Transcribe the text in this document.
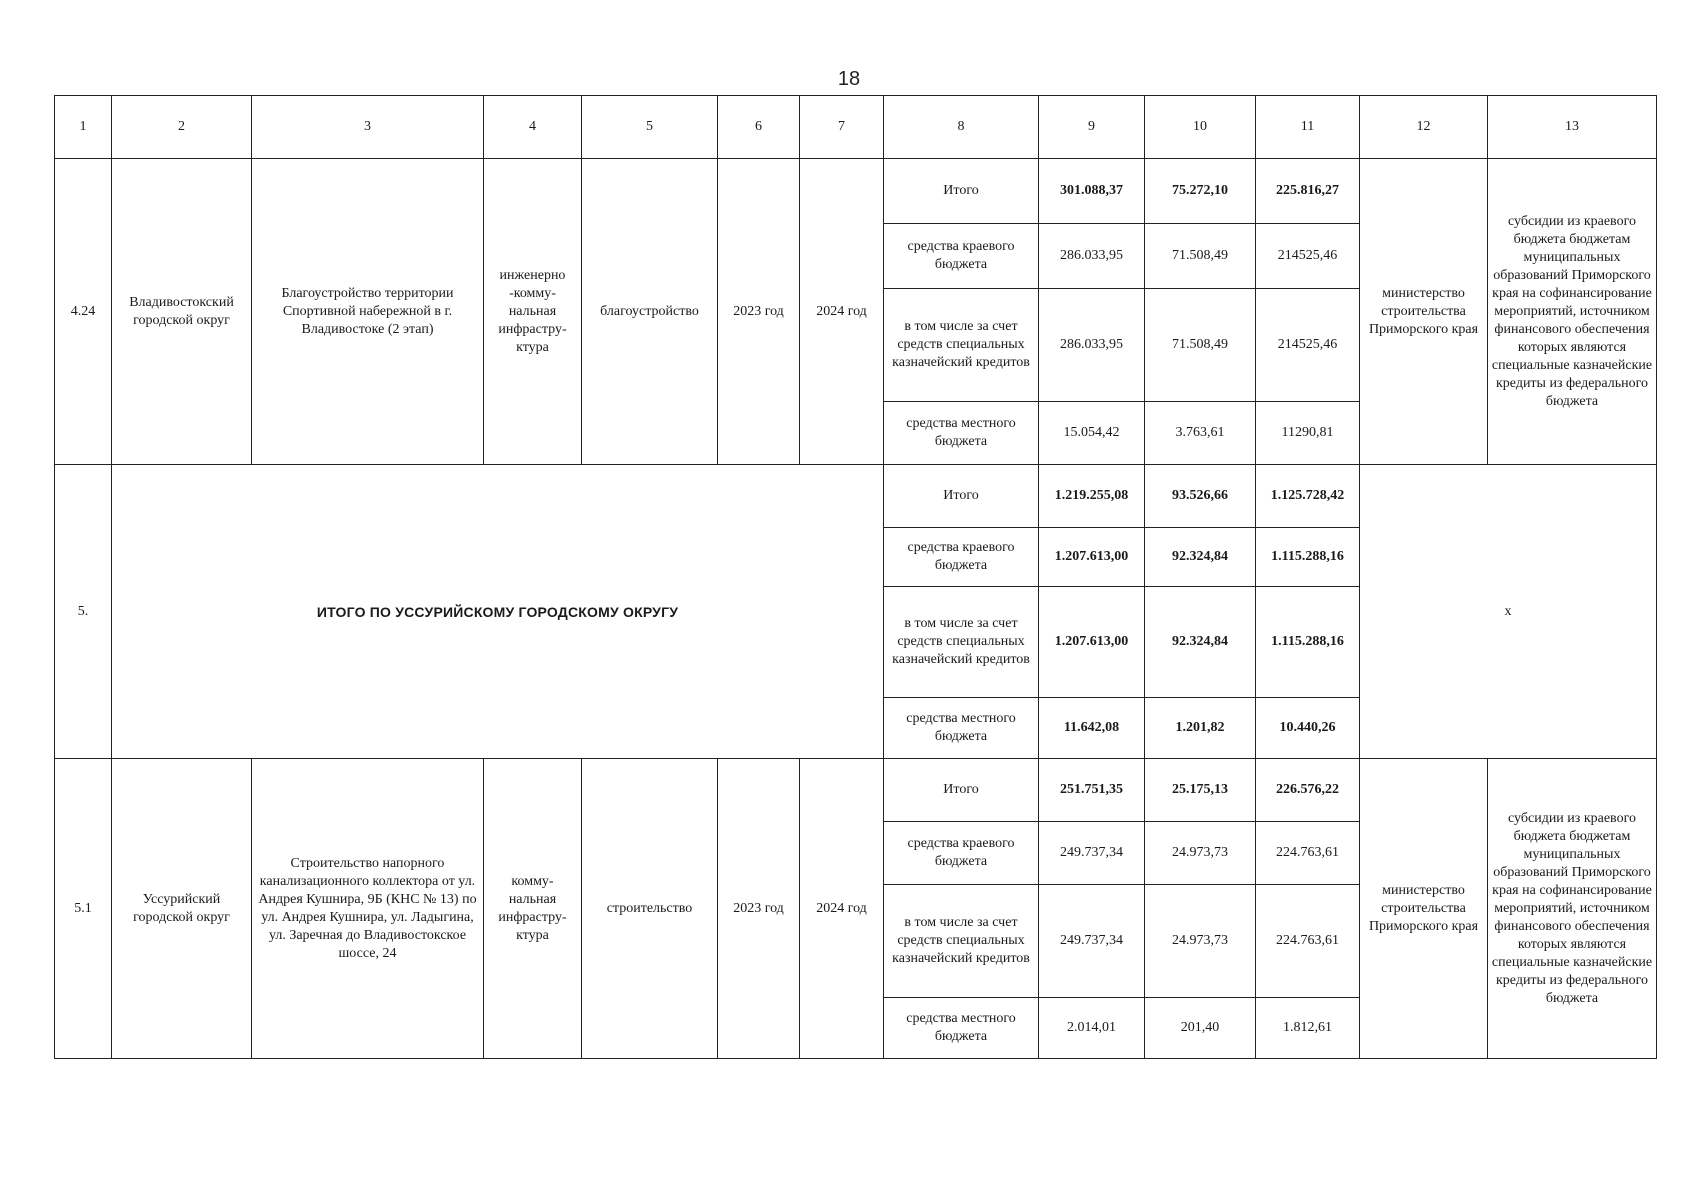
18
1	2	3	4	5	6	7	8	9	10	11	12	13
4.24	Владивостокский городской округ	Благоустройство территории Спортивной набережной в г. Владивостоке (2 этап)	инженерно -комму- нальная инфрастру- ктура	благоустройство	2023 год	2024 год	Итого	301.088,37	75.272,10	225.816,27	министерство строительства Приморского края	субсидии из краевого бюджета бюджетам муниципальных образований Приморского края на софинансирование мероприятий, источником финансового обеспечения которых являются специальные казначейские кредиты из федерального бюджета
							средства краевого бюджета	286.033,95	71.508,49	214525,46		
							в том числе за счет средств специальных казначейский кредитов	286.033,95	71.508,49	214525,46		
							средства местного бюджета	15.054,42	3.763,61	11290,81		
5.	ИТОГО ПО УССУРИЙСКОМУ ГОРОДСКОМУ ОКРУГУ						Итого	1.219.255,08	93.526,66	1.125.728,42	х	
							средства краевого бюджета	1.207.613,00	92.324,84	1.115.288,16		
							в том числе за счет средств специальных казначейский кредитов	1.207.613,00	92.324,84	1.115.288,16		
							средства местного бюджета	11.642,08	1.201,82	10.440,26		
5.1	Уссурийский городской округ	Строительство напорного канализационного коллектора от ул. Андрея Кушнира, 9Б (КНС № 13) по ул. Андрея Кушнира, ул. Ладыгина, ул. Заречная до Владивостокское шоссе, 24	комму- нальная инфрастру- ктура	строительство	2023 год	2024 год	Итого	251.751,35	25.175,13	226.576,22	министерство строительства Приморского края	субсидии из краевого бюджета бюджетам муниципальных образований Приморского края на софинансирование мероприятий, источником финансового обеспечения которых являются специальные казначейские кредиты из федерального бюджета
							средства краевого бюджета	249.737,34	24.973,73	224.763,61		
							в том числе за счет средств специальных казначейский кредитов	249.737,34	24.973,73	224.763,61		
							средства местного бюджета	2.014,01	201,40	1.812,61		
